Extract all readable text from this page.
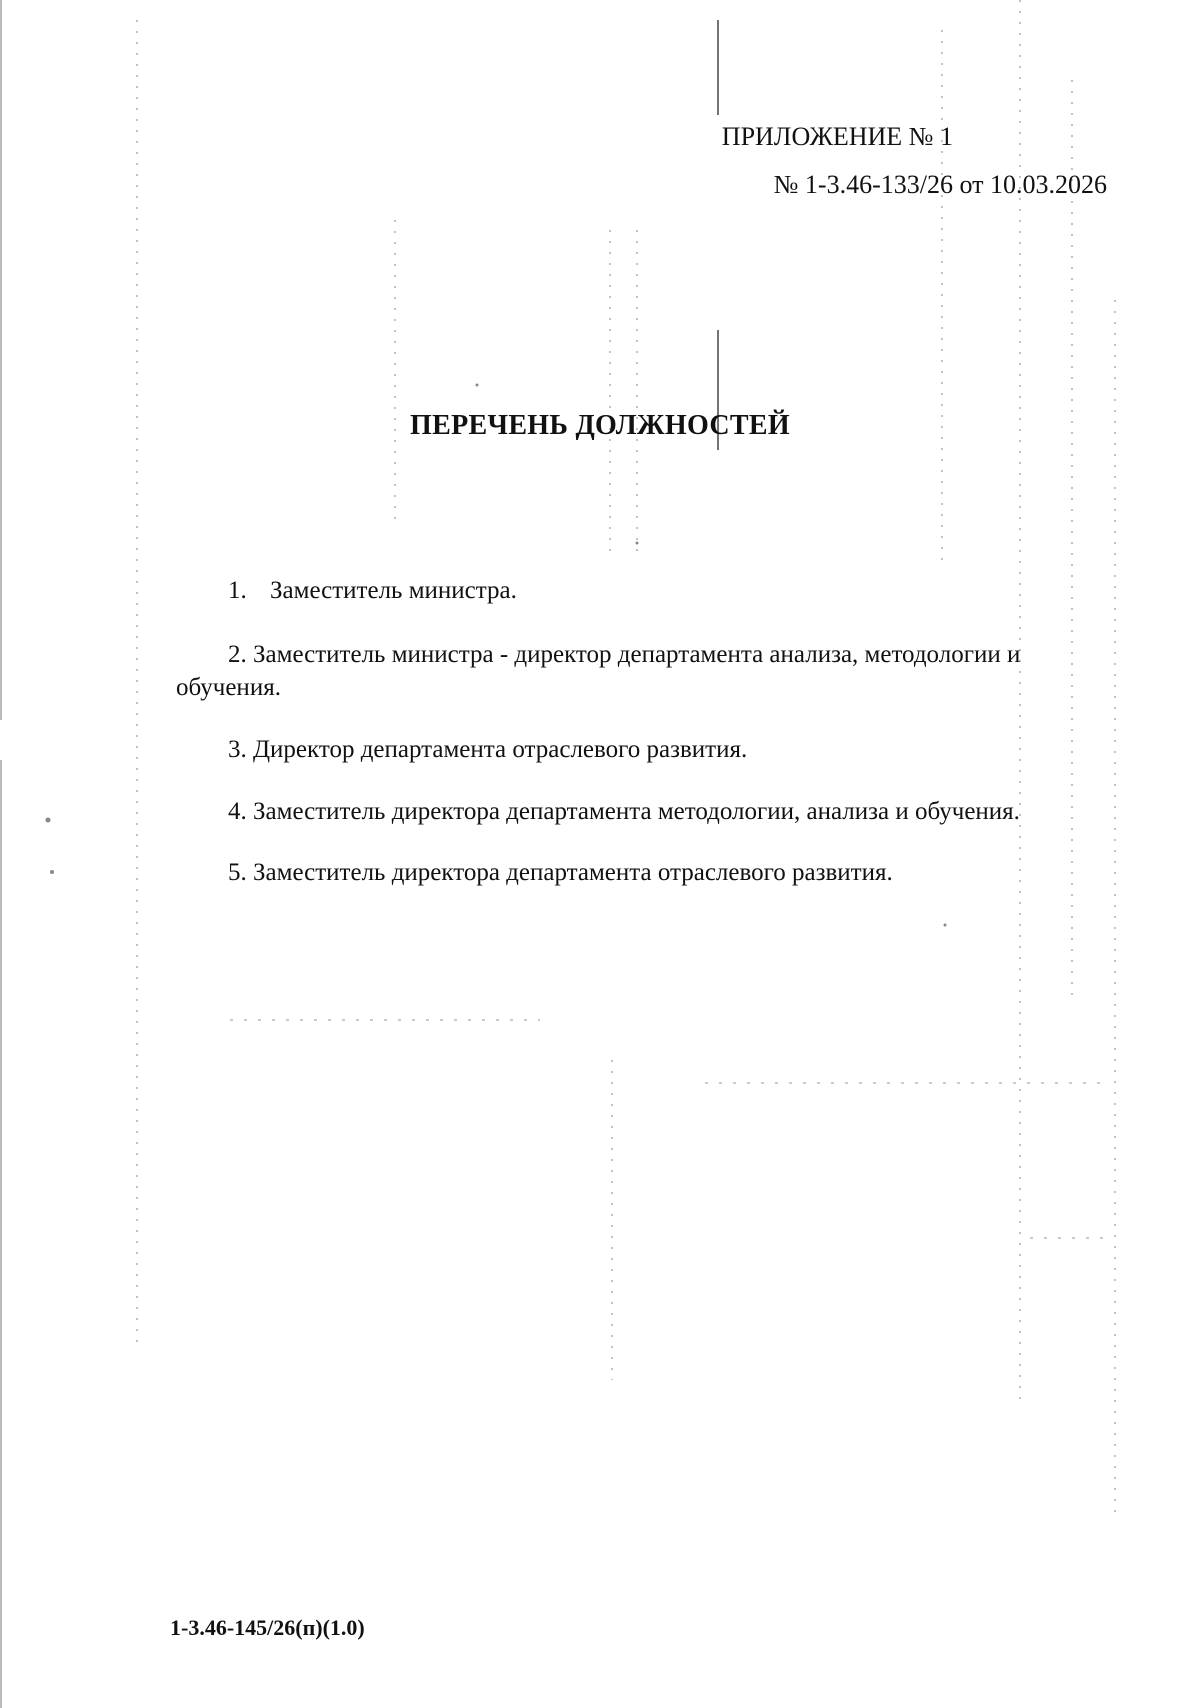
ПРИЛОЖЕНИЕ № 1
№ 1-3.46-133/26 от 10.03.2026
ПЕРЕЧЕНЬ ДОЛЖНОСТЕЙ
1. Заместитель министра.
2. Заместитель министра - директор департамента анализа, методологии и обучения.
3. Директор департамента отраслевого развития.
4. Заместитель директора департамента методологии, анализа и обучения.
5. Заместитель директора департамента отраслевого развития.
1-3.46-145/26(п)(1.0)
